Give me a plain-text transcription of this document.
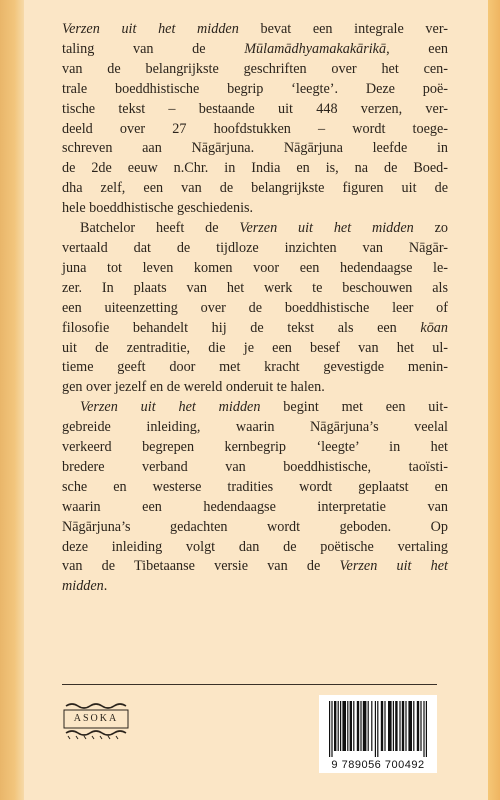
Verzen uit het midden bevat een integrale ver-
taling van de Mūlamādhyamakakārikā, een
van de belangrijkste geschriften over het cen-
trale boeddhistische begrip ‘leegte’. Deze poë-
tische tekst – bestaande uit 448 verzen, ver-
deeld over 27 hoofdstukken – wordt toege-
schreven aan Nāgārjuna. Nāgārjuna leefde in
de 2de eeuw n.Chr. in India en is, na de Boed-
dha zelf, een van de belangrijkste figuren uit de
hele boeddhistische geschiedenis.
Batchelor heeft de Verzen uit het midden zo
vertaald dat de tijdloze inzichten van Nāgār-
juna tot leven komen voor een hedendaagse le-
zer. In plaats van het werk te beschouwen als
een uiteenzetting over de boeddhistische leer of
filosofie behandelt hij de tekst als een kōan
uit de zentraditie, die je een besef van het ul-
tieme geeft door met kracht gevestigde menin-
gen over jezelf en de wereld onderuit te halen.
Verzen uit het midden begint met een uit-
gebreide inleiding, waarin Nāgārjuna’s veelal
verkeerd begrepen kernbegrip ‘leegte’ in het
bredere verband van boeddhistische, taoïsti-
sche en westerse tradities wordt geplaatst en
waarin een hedendaagse interpretatie van
Nāgārjuna’s gedachten wordt geboden. Op
deze inleiding volgt dan de poëtische vertaling
van de Tibetaanse versie van de Verzen uit het
midden.
ASOKA
9 789056 700492
